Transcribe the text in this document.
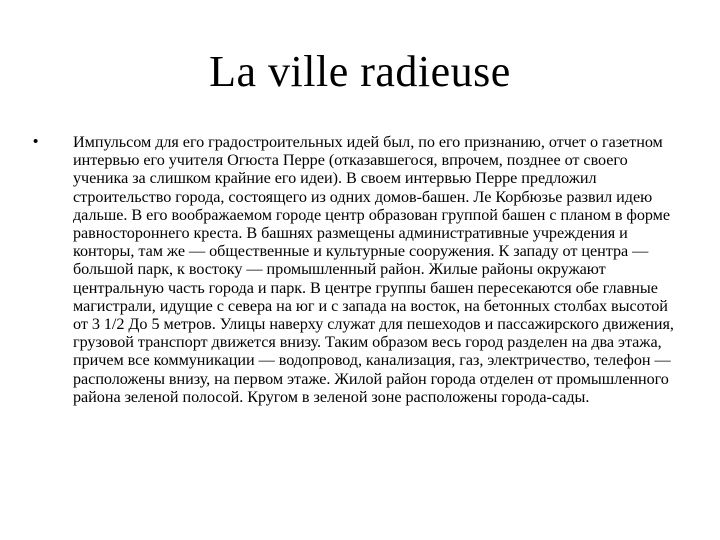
La ville radieuse
• Импульсом для его градостроительных идей был, по его признанию, отчет о газетном интервью его учителя Огюста Перре (отказавшегося, впрочем, позднее от своего ученика за слишком крайние его идеи). В своем интервью Перре предложил строительство города, состоящего из одних домов-башен. Ле Корбюзье развил идею дальше. В его воображаемом городе центр образован группой башен с планом в форме равностороннего креста. В башнях размещены административные учреждения и конторы, там же — общественные и культурные сооружения. К западу от центра — большой парк, к востоку — промышленный район. Жилые районы окружают центральную часть города и парк. В центре группы башен пересекаются обе главные магистрали, идущие с севера на юг и с запада на восток, на бетонных столбах высотой от 3 1/2 До 5 метров. Улицы наверху служат для пешеходов и пассажирского движения, грузовой транспорт движется внизу. Таким образом весь город разделен на два этажа, причем все коммуникации — водопровод, канализация, газ, электричество, телефон — расположены внизу, на первом этаже. Жилой район города отделен от промышленного района зеленой полосой. Кругом в зеленой зоне расположены города-сады.
